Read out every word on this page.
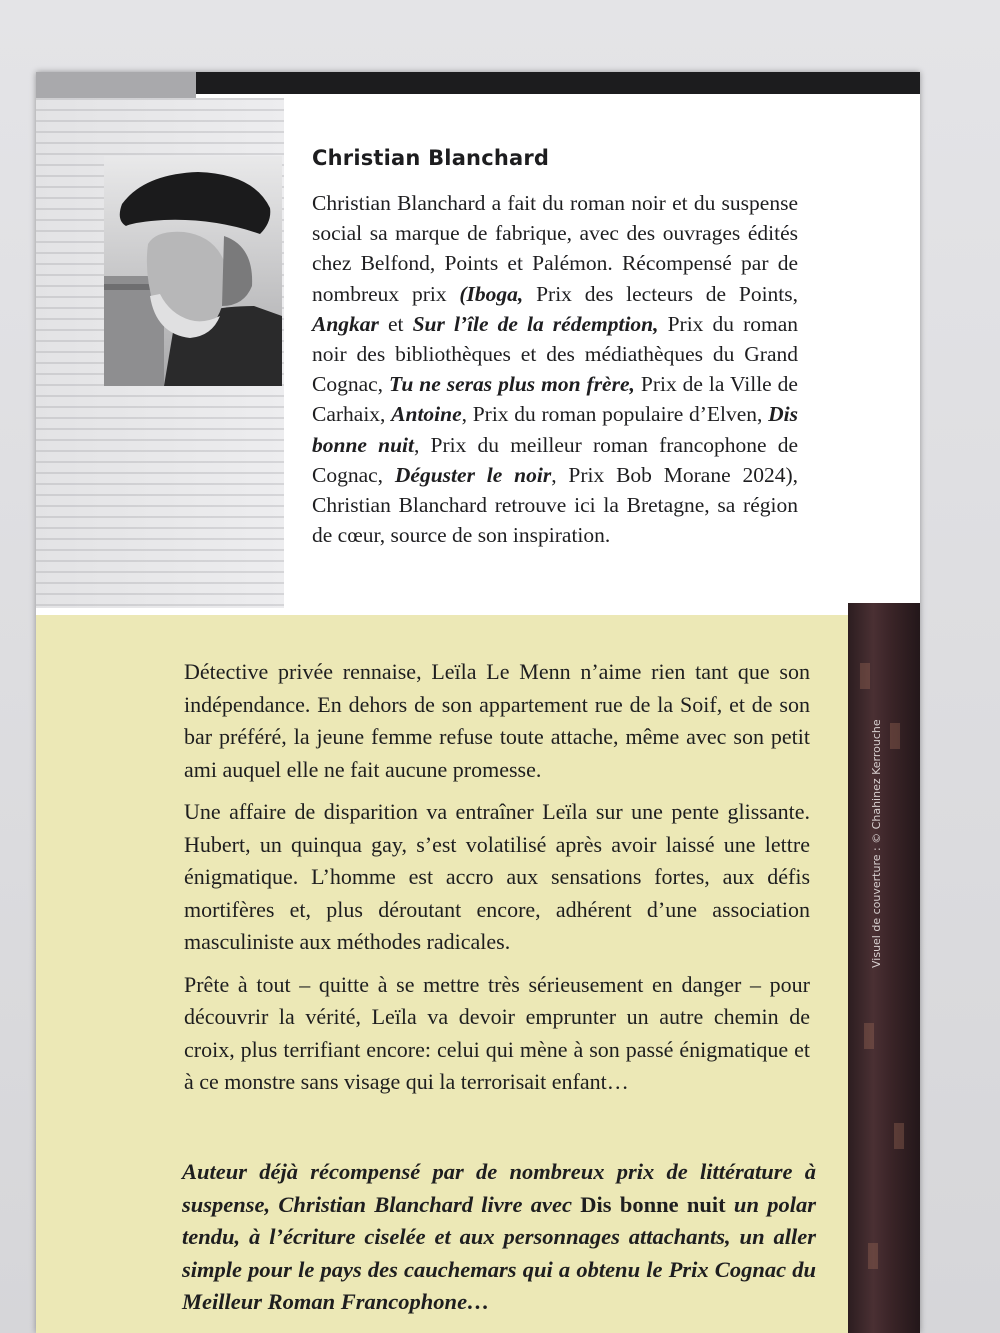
Christian Blanchard
Christian Blanchard a fait du roman noir et du suspense social sa marque de fabrique, avec des ouvrages édités chez Belfond, Points et Palémon. Récompensé par de nombreux prix (Iboga, Prix des lecteurs de Points, Angkar et Sur l’île de la rédemption, Prix du roman noir des bibliothèques et des médiathèques du Grand Cognac, Tu ne seras plus mon frère, Prix de la Ville de Carhaix, Antoine, Prix du roman populaire d’Elven, Dis bonne nuit, Prix du meilleur roman francophone de Cognac, Déguster le noir, Prix Bob Morane 2024), Christian Blanchard retrouve ici la Bretagne, sa région de cœur, source de son inspiration.
Visuel de couverture : © Chahinez Kerrouche

Détective privée rennaise, Leïla Le Menn n’aime rien tant que son indépendance. En dehors de son appartement rue de la Soif, et de son bar préféré, la jeune femme refuse toute attache, même avec son petit ami auquel elle ne fait aucune promesse.

Une affaire de disparition va entraîner Leïla sur une pente glissante. Hubert, un quinqua gay, s’est volatilisé après avoir laissé une lettre énigmatique. L’homme est accro aux sensations fortes, aux défis mortifères et, plus déroutant encore, adhérent d’une association masculiniste aux méthodes radicales.

Prête à tout – quitte à se mettre très sérieusement en danger – pour découvrir la vérité, Leïla va devoir emprunter un autre chemin de croix, plus terrifiant encore: celui qui mène à son passé énigmatique et à ce monstre sans visage qui la terrorisait enfant…

Auteur déjà récompensé par de nombreux prix de littérature à suspense, Christian Blanchard livre avec Dis bonne nuit un polar tendu, à l’écriture ciselée et aux personnages attachants, un aller simple pour le pays des cauchemars qui a obtenu le Prix Cognac du Meilleur Roman Francophone…
